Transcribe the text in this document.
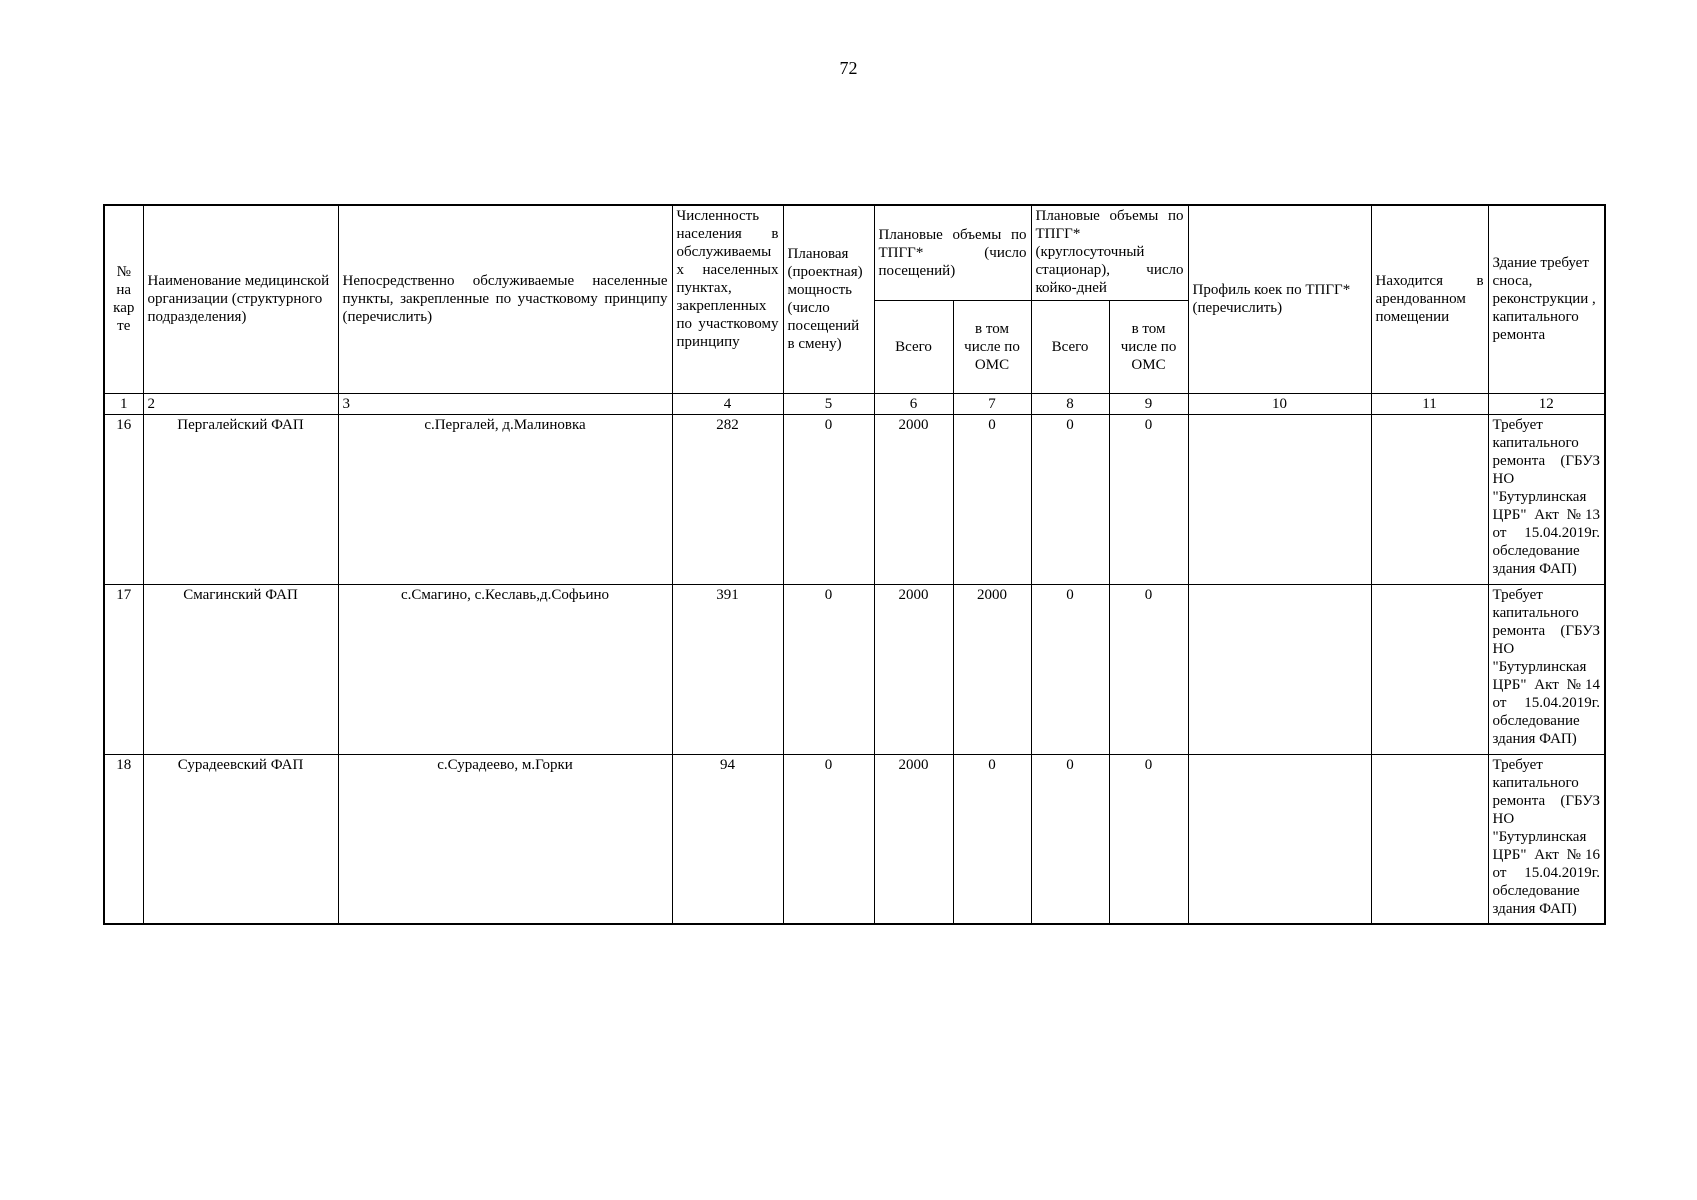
72
№ на кар те	Наименование медицинской организации (структурного подразделения)	Непосредственно обслуживаемые населенные пункты, закрепленные по участковому принципу (перечислить)	Численность населения в обслуживаемых населенных пунктах, закрепленных по участковому принципу	Плановая (проектная) мощность (число посещений в смену)	Плановые объемы по ТПГГ* (число посещений)		Плановые объемы по ТПГГ* (круглосуточный стационар), число койко-дней		Профиль коек по ТПГГ* (перечислить)	Находится в арендованном помещении	Здание требует сноса, реконструкции , капитального ремонта
					Всего	в том числе по ОМС	Всего	в том числе по ОМС			
1	2	3	4	5	6	7	8	9	10	11	12
16	Пергалейский ФАП	с.Пергалей, д.Малиновка	282	0	2000	0	0	0			Требует капитального ремонта (ГБУЗ НО "Бутурлинская ЦРБ" Акт №13 от 15.04.2019г. обследование здания ФАП)
17	Смагинский ФАП	с.Смагино, с.Кеславь,д.Софьино	391	0	2000	2000	0	0			Требует капитального ремонта (ГБУЗ НО "Бутурлинская ЦРБ" Акт №14 от 15.04.2019г. обследование здания ФАП)
18	Сурадеевский ФАП	с.Сурадеево, м.Горки	94	0	2000	0	0	0			Требует капитального ремонта (ГБУЗ НО "Бутурлинская ЦРБ" Акт №16 от 15.04.2019г. обследование здания ФАП)
